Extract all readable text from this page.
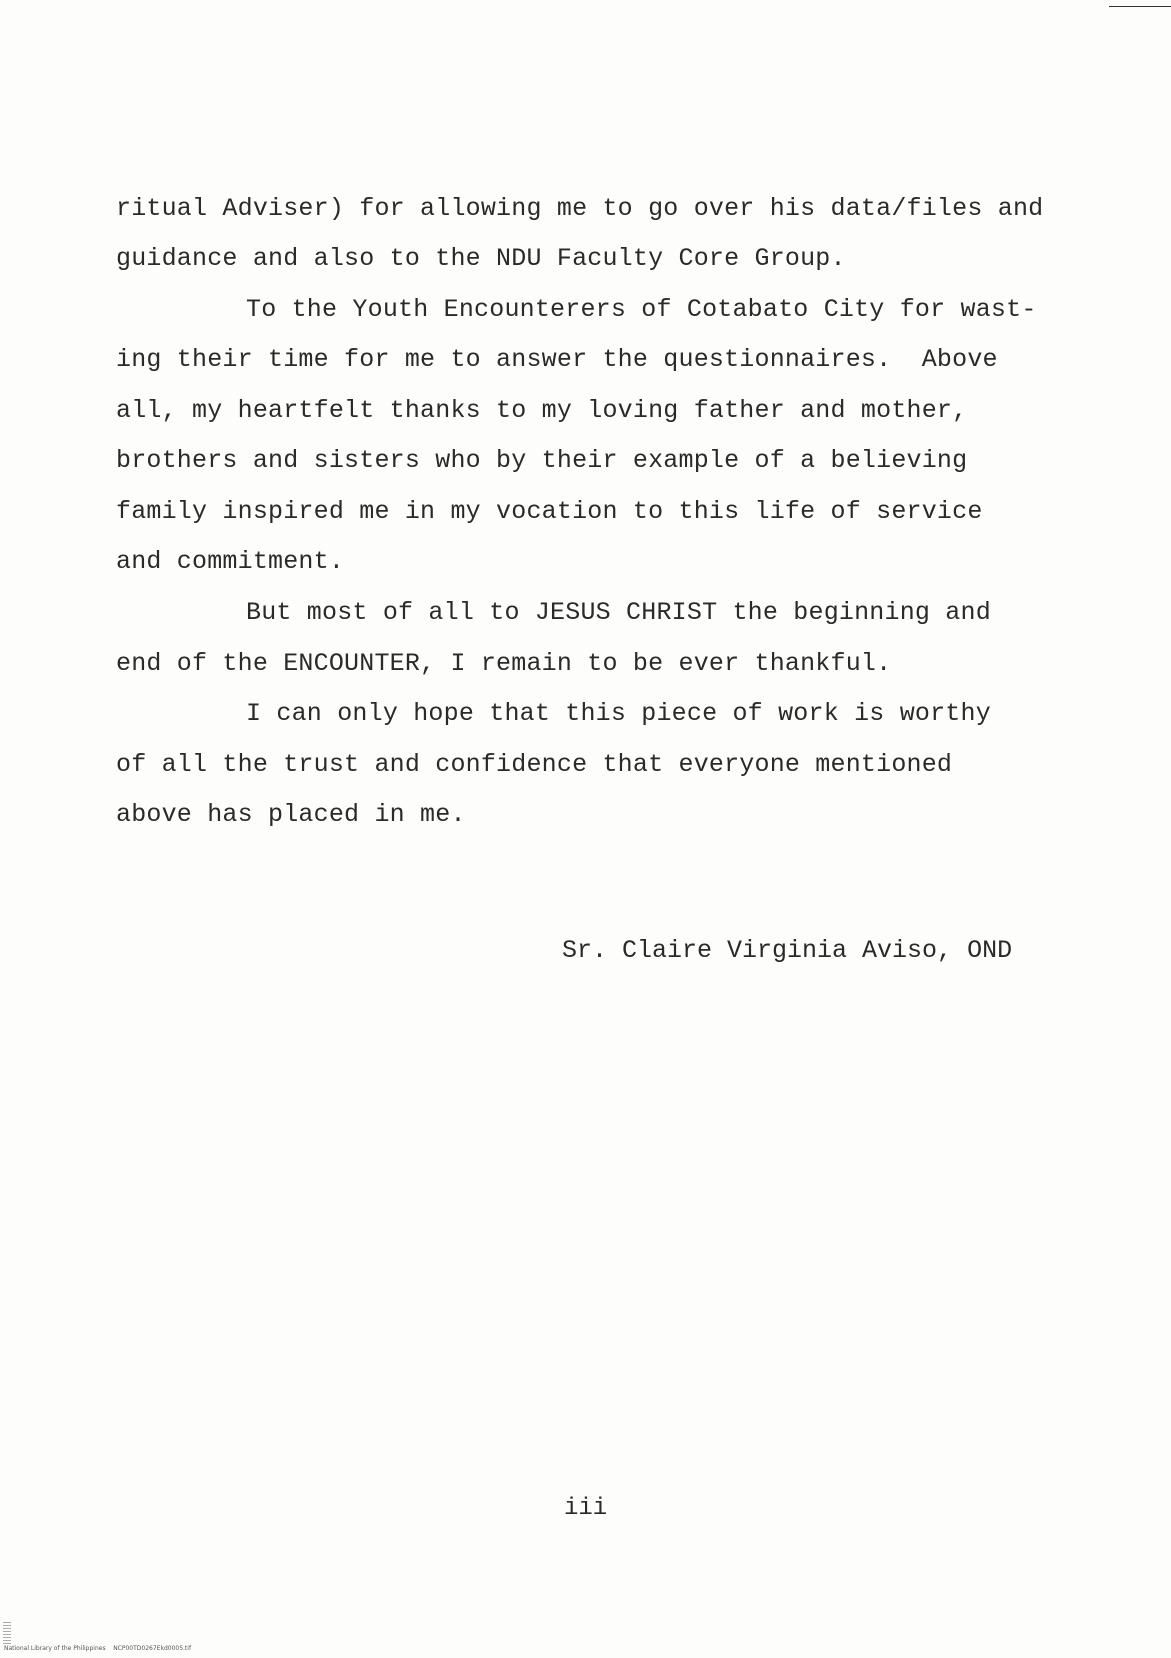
ritual Adviser) for allowing me to go over his data/files and
guidance and also to the NDU Faculty Core Group.
To the Youth Encounterers of Cotabato City for wast-
ing their time for me to answer the questionnaires.  Above
all, my heartfelt thanks to my loving father and mother,
brothers and sisters who by their example of a believing
family inspired me in my vocation to this life of service
and commitment.
But most of all to JESUS CHRIST the beginning and
end of the ENCOUNTER, I remain to be ever thankful.
I can only hope that this piece of work is worthy
of all the trust and confidence that everyone mentioned
above has placed in me.
Sr. Claire Virginia Aviso, OND
iii
National Library of the Philippines    NCP00TD0267Ekd0005.tif
